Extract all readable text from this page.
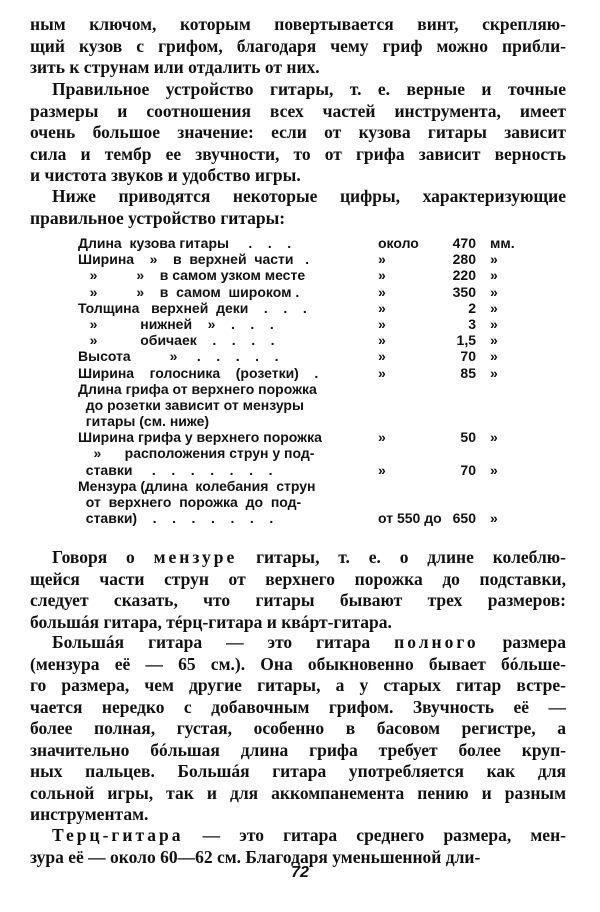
ным ключом, которым повертывается винт, скрепляю-
щий кузов с грифом, благодаря чему гриф можно прибли-
зить к струнам или отдалить от них.
Правильное устройство гитары, т. е. верные и точные
размеры и соотношения всех частей инструмента, имеет
очень большое значение: если от кузова гитары зависит
сила и тембр ее звучности, то от грифа зависит верность
и чистота звуков и удобство игры.
Ниже приводятся некоторые цифры, характеризующие
правильное устройство гитары:
Длина  кузова гитары     .    .    .	около	470 мм.
Ширина    »    в  верхней  части   .	»	280 »
»          »    в самом узком месте	»	220 »
»          »    в  самом  широком .	»	350 »
Толщина   верхней  деки    .    .    .	»	2 »
»           нижней    »    .    .    .	»	3 »
»           обичаек    .    .    .    .	»	1,5 »
Высота          »     .    .    .    .    .	»	70 »
Ширина    голосника    (розетки)    .	»	85 »
Длина грифа от верхнего порожка
до розетки зависит от мензуры
гитары (см. ниже)
Ширина грифа у верхнего порожка	»	50 »
»      расположения струн у под-
ставки     .    .    .    .    .    .    .	»	70 »
Мензура (длина  колебания  струн
от  верхнего  порожка  до  под-
ставки)    .    .    .    .    .    .    .	от 550 до 650 »
Говоря о мензуре гитары, т. е. о длине колеблю-
щейся части струн от верхнего порожка до подставки,
следует сказать, что гитары бывают трех размеров:
большáя гитара, тéрц-гитара и квáрт-гитара.
Большáя гитара — это гитара полного размера
(мензура её — 65 см.). Она обыкновенно бывает бóльше-
го размера, чем другие гитары, а у старых гитар встре-
чается нередко с добавочным грифом. Звучность её —
более полная, густая, особенно в басовом регистре, а
значительно бóльшая длина грифа требует более круп-
ных пальцев. Большáя гитара употребляется как для
сольной игры, так и для аккомпанемента пению и разным
инструментам.
Терц-гитара — это гитара среднего размера, мен-
зура её — около 60—62 см. Благодаря уменьшенной дли-
72
